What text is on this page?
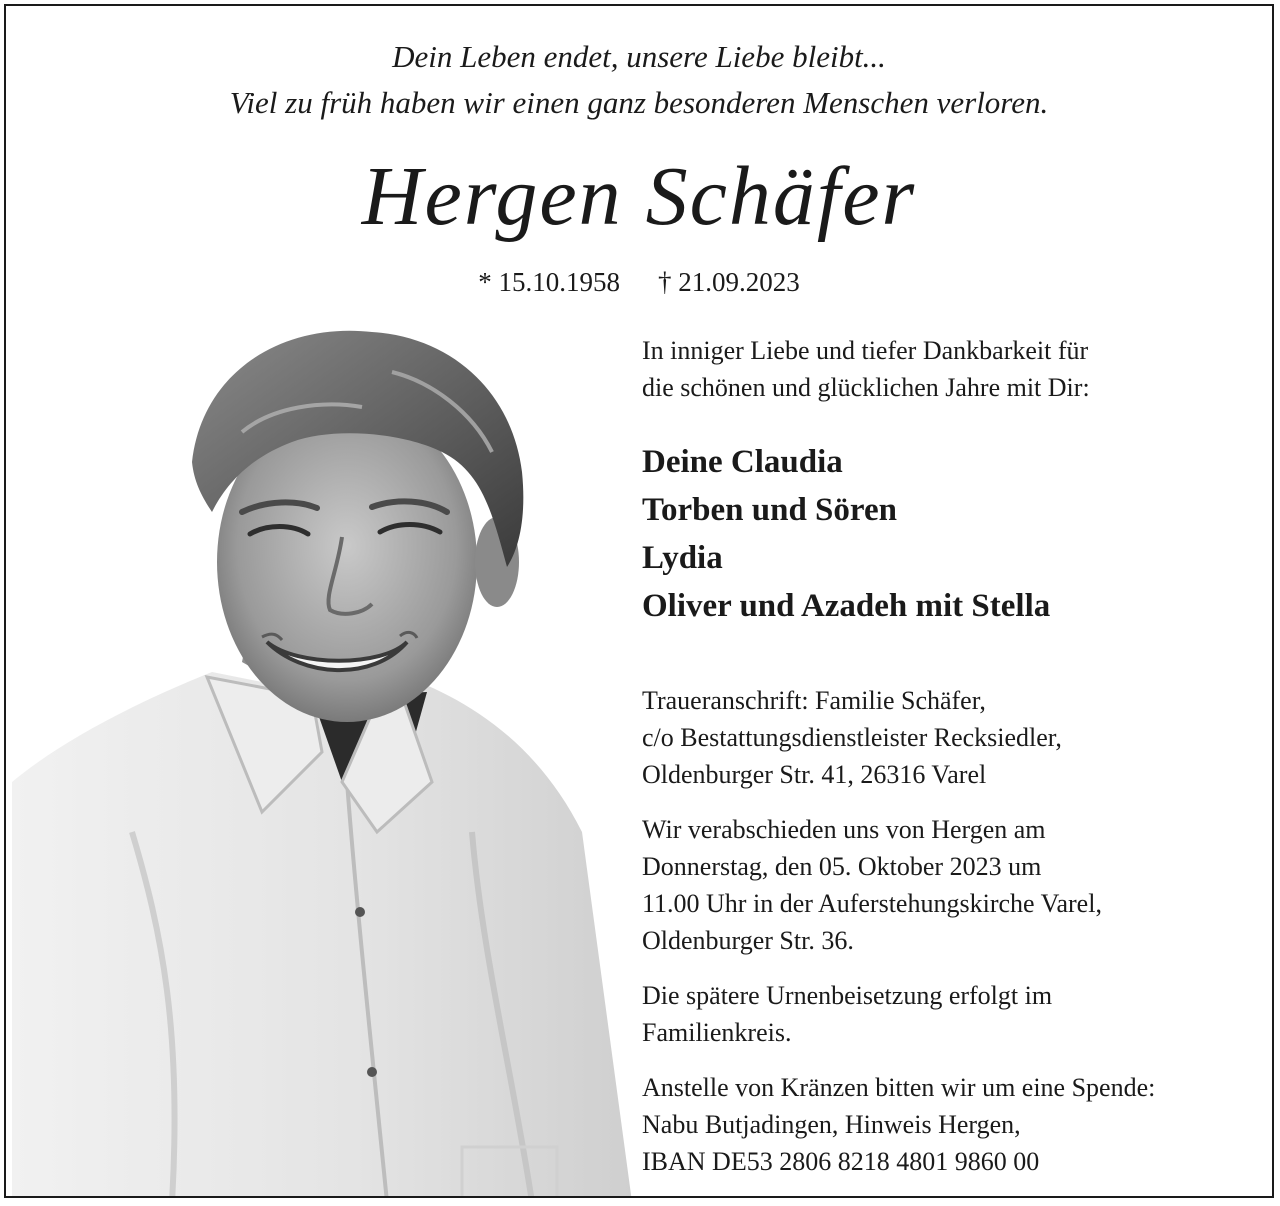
Dein Leben endet, unsere Liebe bleibt...
Viel zu früh haben wir einen ganz besonderen Menschen verloren.
Hergen Schäfer
* 15.10.1958 † 21.09.2023

In inniger Liebe und tiefer Dankbarkeit für

die schönen und glücklichen Jahre mit Dir:

Deine Claudia

Torben und Sören

Lydia

Oliver und Azadeh mit Stella

Traueranschrift: Familie Schäfer,

c/o Bestattungsdienstleister Recksiedler,

Oldenburger Str. 41, 26316 Varel

Wir verabschieden uns von Hergen am

Donnerstag, den 05. Oktober 2023 um

11.00 Uhr in der Auferstehungskirche Varel,

Oldenburger Str. 36.

Die spätere Urnenbeisetzung erfolgt im

Familienkreis.

Anstelle von Kränzen bitten wir um eine Spende:

Nabu Butjadingen, Hinweis Hergen,

IBAN DE53 2806 8218 4801 9860 00
